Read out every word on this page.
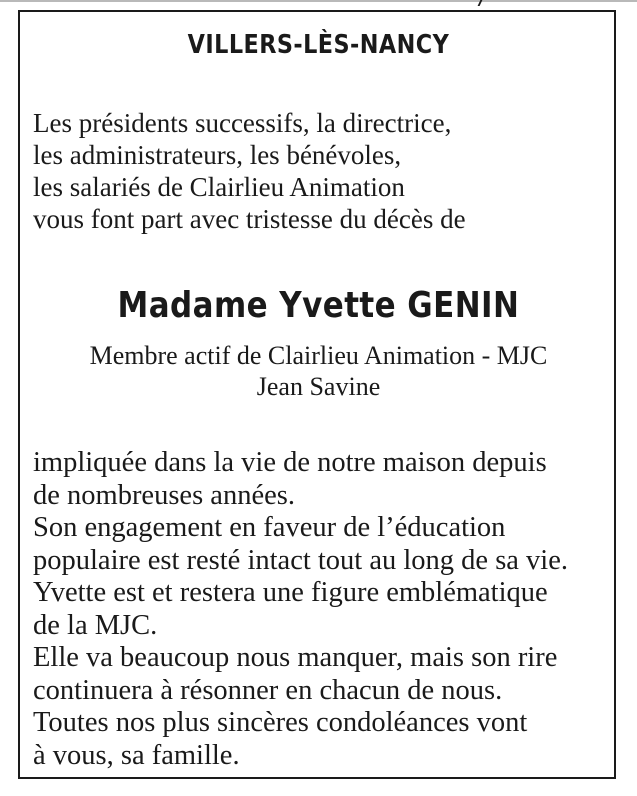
VILLERS-LÈS-NANCY
Les présidents successifs, la directrice,
les administrateurs, les bénévoles,
les salariés de Clairlieu Animation
vous font part avec tristesse du décès de
Madame Yvette GENIN
Membre actif de Clairlieu Animation - MJC
Jean Savine
impliquée dans la vie de notre maison depuis
de nombreuses années.
Son engagement en faveur de l’éducation
populaire est resté intact tout au long de sa vie.
Yvette est et restera une figure emblématique
de la MJC.
Elle va beaucoup nous manquer, mais son rire
continuera à résonner en chacun de nous.
Toutes nos plus sincères condoléances vont
à vous, sa famille.
